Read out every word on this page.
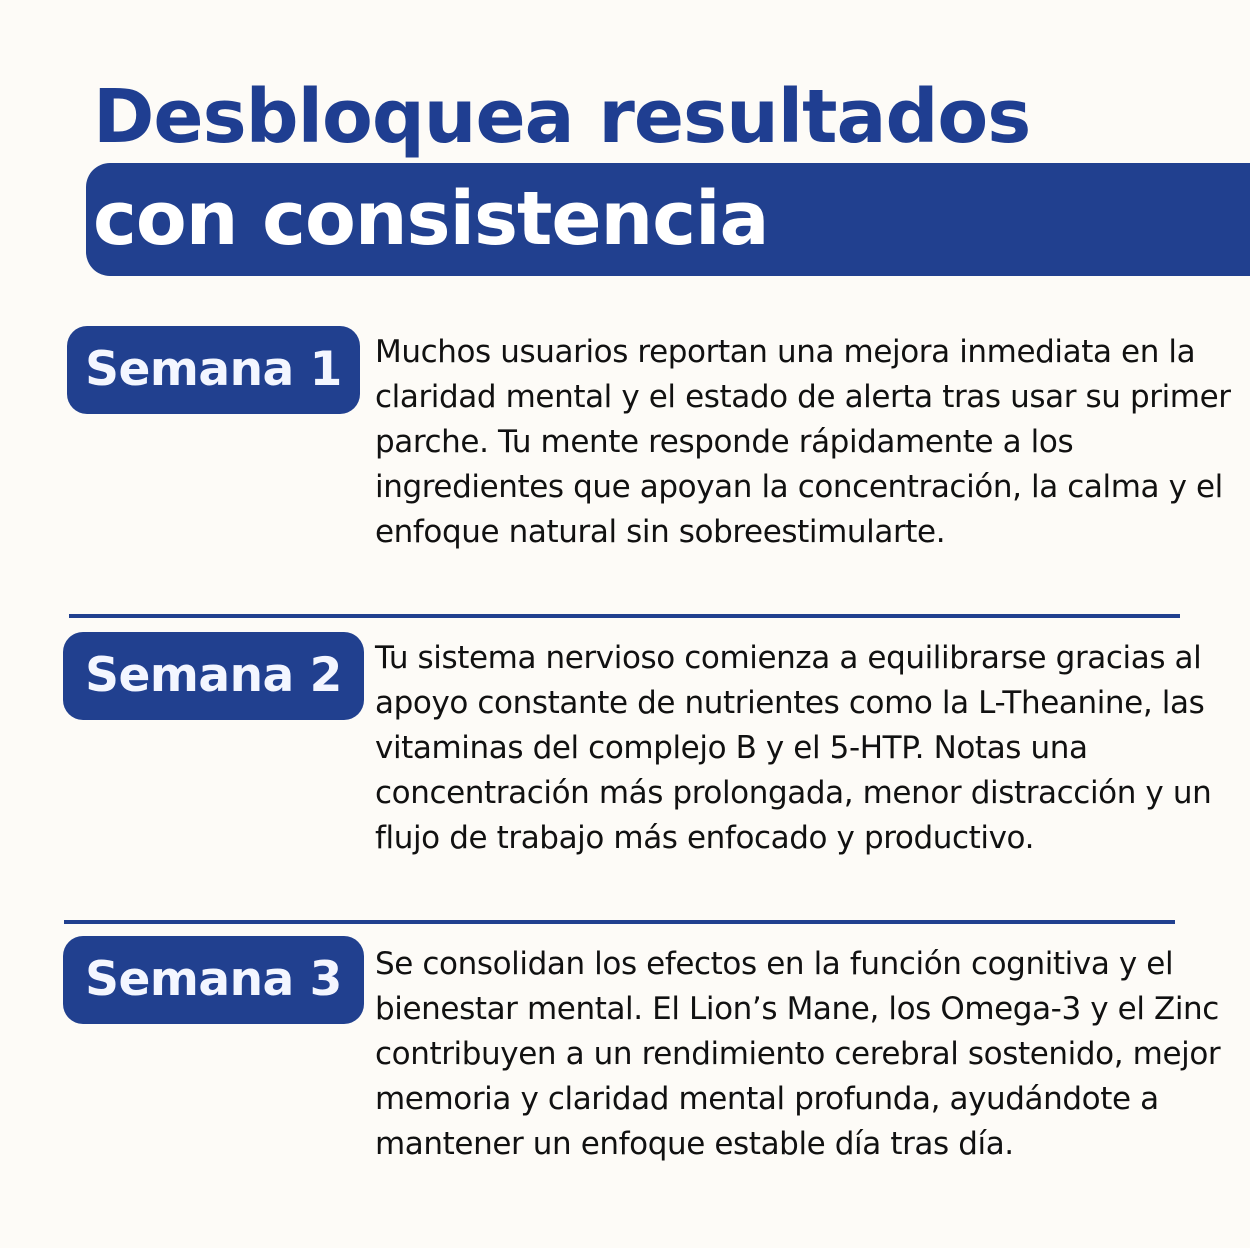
Desbloquea resultados
con consistencia
Semana 1	Muchos usuarios reportan una mejora inmediata en la claridad mental y el estado de alerta tras usar su primer parche. Tu mente responde rápidamente a los ingredientes que apoyan la concentración, la calma y el enfoque natural sin sobreestimularte.
Semana 2	Tu sistema nervioso comienza a equilibrarse gracias al apoyo constante de nutrientes como la L-Theanine, las vitaminas del complejo B y el 5-HTP. Notas una concentración más prolongada, menor distracción y un flujo de trabajo más enfocado y productivo.
Semana 3	Se consolidan los efectos en la función cognitiva y el bienestar mental. El Lion’s Mane, los Omega-3 y el Zinc contribuyen a un rendimiento cerebral sostenido, mejor memoria y claridad mental profunda, ayudándote a mantener un enfoque estable día tras día.
